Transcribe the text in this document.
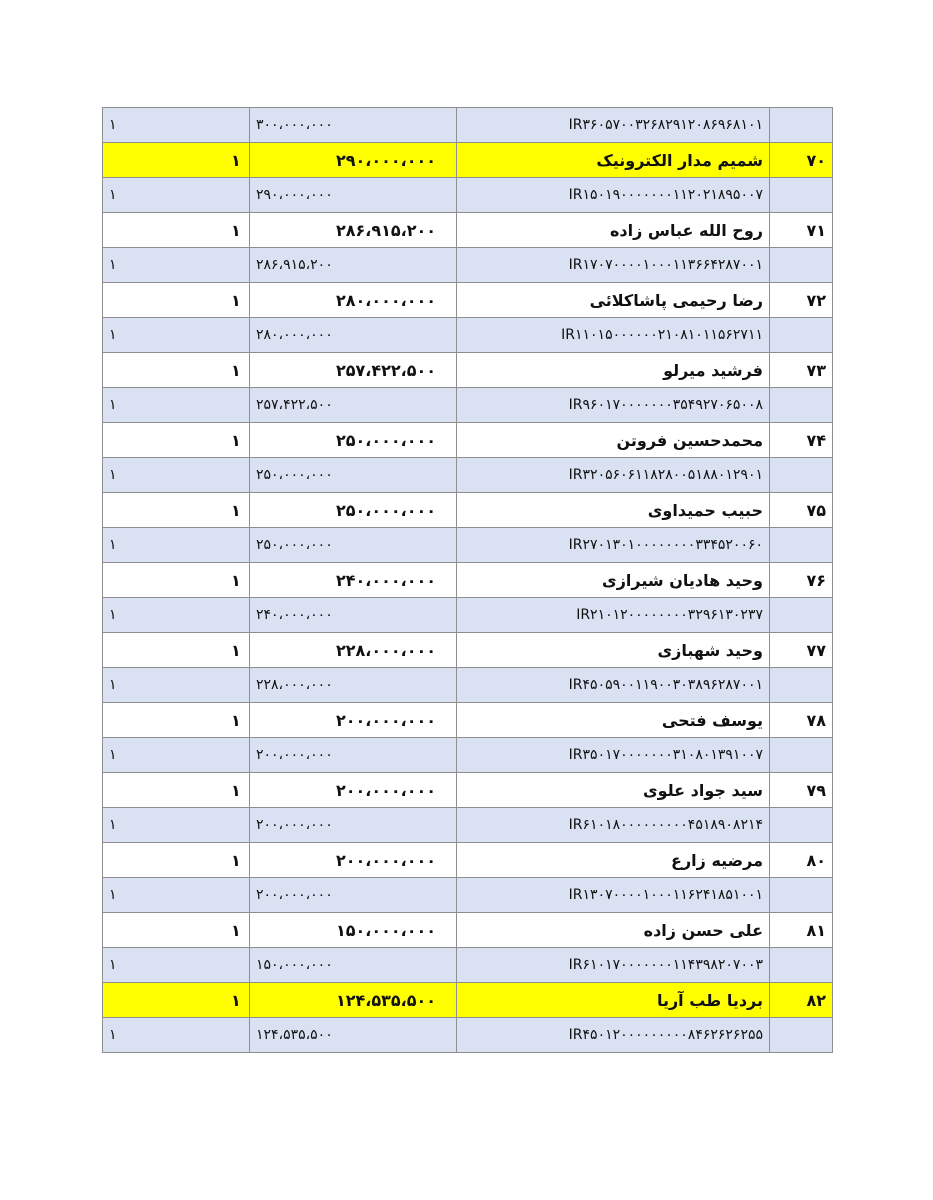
۱	۳۰۰،۰۰۰،۰۰۰	IR۳۶۰۵۷۰۰۳۲۶۸۲۹۱۲۰۸۶۹۶۸۱۰۱	
۱	۲۹۰،۰۰۰،۰۰۰	شمیم مدار الکترونیک	۷۰
۱	۲۹۰،۰۰۰،۰۰۰	IR۱۵۰۱۹۰۰۰۰۰۰۰۱۱۲۰۲۱۸۹۵۰۰۷	
۱	۲۸۶،۹۱۵،۲۰۰	روح الله عباس زاده	۷۱
۱	۲۸۶،۹۱۵،۲۰۰	IR۱۷۰۷۰۰۰۰۱۰۰۰۱۱۳۶۶۴۲۸۷۰۰۱	
۱	۲۸۰،۰۰۰،۰۰۰	رضا رحیمی پاشاکلائی	۷۲
۱	۲۸۰،۰۰۰،۰۰۰	IR۱۱۰۱۵۰۰۰۰۰۰۲۱۰۸۱۰۱۱۵۶۲۷۱۱	
۱	۲۵۷،۴۲۲،۵۰۰	فرشید میرلو	۷۳
۱	۲۵۷،۴۲۲،۵۰۰	IR۹۶۰۱۷۰۰۰۰۰۰۰۳۵۴۹۲۷۰۶۵۰۰۸	
۱	۲۵۰،۰۰۰،۰۰۰	محمدحسین فروتن	۷۴
۱	۲۵۰،۰۰۰،۰۰۰	IR۳۲۰۵۶۰۶۱۱۸۲۸۰۰۵۱۸۸۰۱۲۹۰۱	
۱	۲۵۰،۰۰۰،۰۰۰	حبیب حمیداوی	۷۵
۱	۲۵۰،۰۰۰،۰۰۰	IR۲۷۰۱۳۰۱۰۰۰۰۰۰۰۰۳۳۴۵۲۰۰۶۰	
۱	۲۴۰،۰۰۰،۰۰۰	وحید هادیان شیرازی	۷۶
۱	۲۴۰،۰۰۰،۰۰۰	IR۲۱۰۱۲۰۰۰۰۰۰۰۰۳۲۹۶۱۳۰۲۳۷	
۱	۲۲۸،۰۰۰،۰۰۰	وحید شهبازی	۷۷
۱	۲۲۸،۰۰۰،۰۰۰	IR۴۵۰۵۹۰۰۱۱۹۰۰۳۰۳۸۹۶۲۸۷۰۰۱	
۱	۲۰۰،۰۰۰،۰۰۰	یوسف فتحی	۷۸
۱	۲۰۰،۰۰۰،۰۰۰	IR۳۵۰۱۷۰۰۰۰۰۰۰۳۱۰۸۰۱۳۹۱۰۰۷	
۱	۲۰۰،۰۰۰،۰۰۰	سید جواد علوی	۷۹
۱	۲۰۰،۰۰۰،۰۰۰	IR۶۱۰۱۸۰۰۰۰۰۰۰۰۰۴۵۱۸۹۰۸۲۱۴	
۱	۲۰۰،۰۰۰،۰۰۰	مرضیه زارع	۸۰
۱	۲۰۰،۰۰۰،۰۰۰	IR۱۳۰۷۰۰۰۰۱۰۰۰۱۱۶۲۴۱۸۵۱۰۰۱	
۱	۱۵۰،۰۰۰،۰۰۰	علی حسن زاده	۸۱
۱	۱۵۰،۰۰۰،۰۰۰	IR۶۱۰۱۷۰۰۰۰۰۰۰۱۱۴۳۹۸۲۰۷۰۰۳	
۱	۱۲۴،۵۳۵،۵۰۰	بردیا طب آریا	۸۲
۱	۱۲۴،۵۳۵،۵۰۰	IR۴۵۰۱۲۰۰۰۰۰۰۰۰۰۸۴۶۲۶۲۶۲۵۵	
